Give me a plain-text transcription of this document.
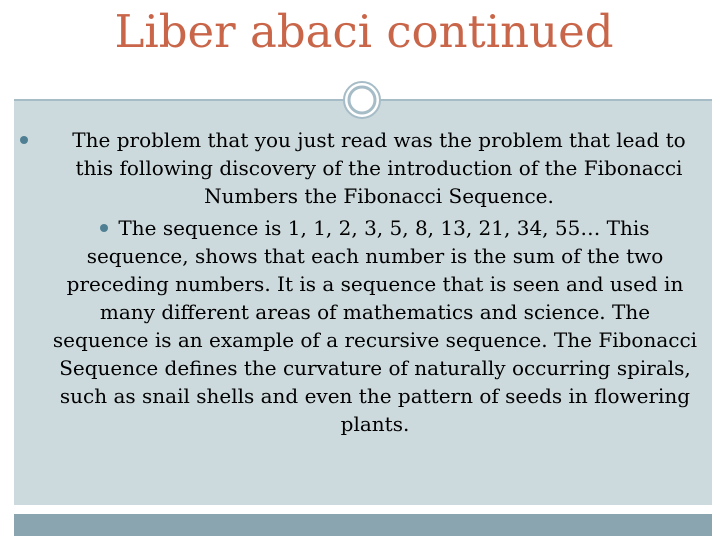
Liber abaci continued

The problem that you just read was the problem that lead to this following discovery of the introduction of the Fibonacci Numbers the Fibonacci Sequence.

The sequence is 1, 1, 2, 3, 5, 8, 13, 21, 34, 55… This sequence, shows that each number is the sum of the two preceding numbers. It is a sequence that is seen and used in many different areas of mathematics and science. The sequence is an example of a recursive sequence. The Fibonacci Sequence defines the curvature of naturally occurring spirals, such as snail shells and even the pattern of seeds in flowering plants.
